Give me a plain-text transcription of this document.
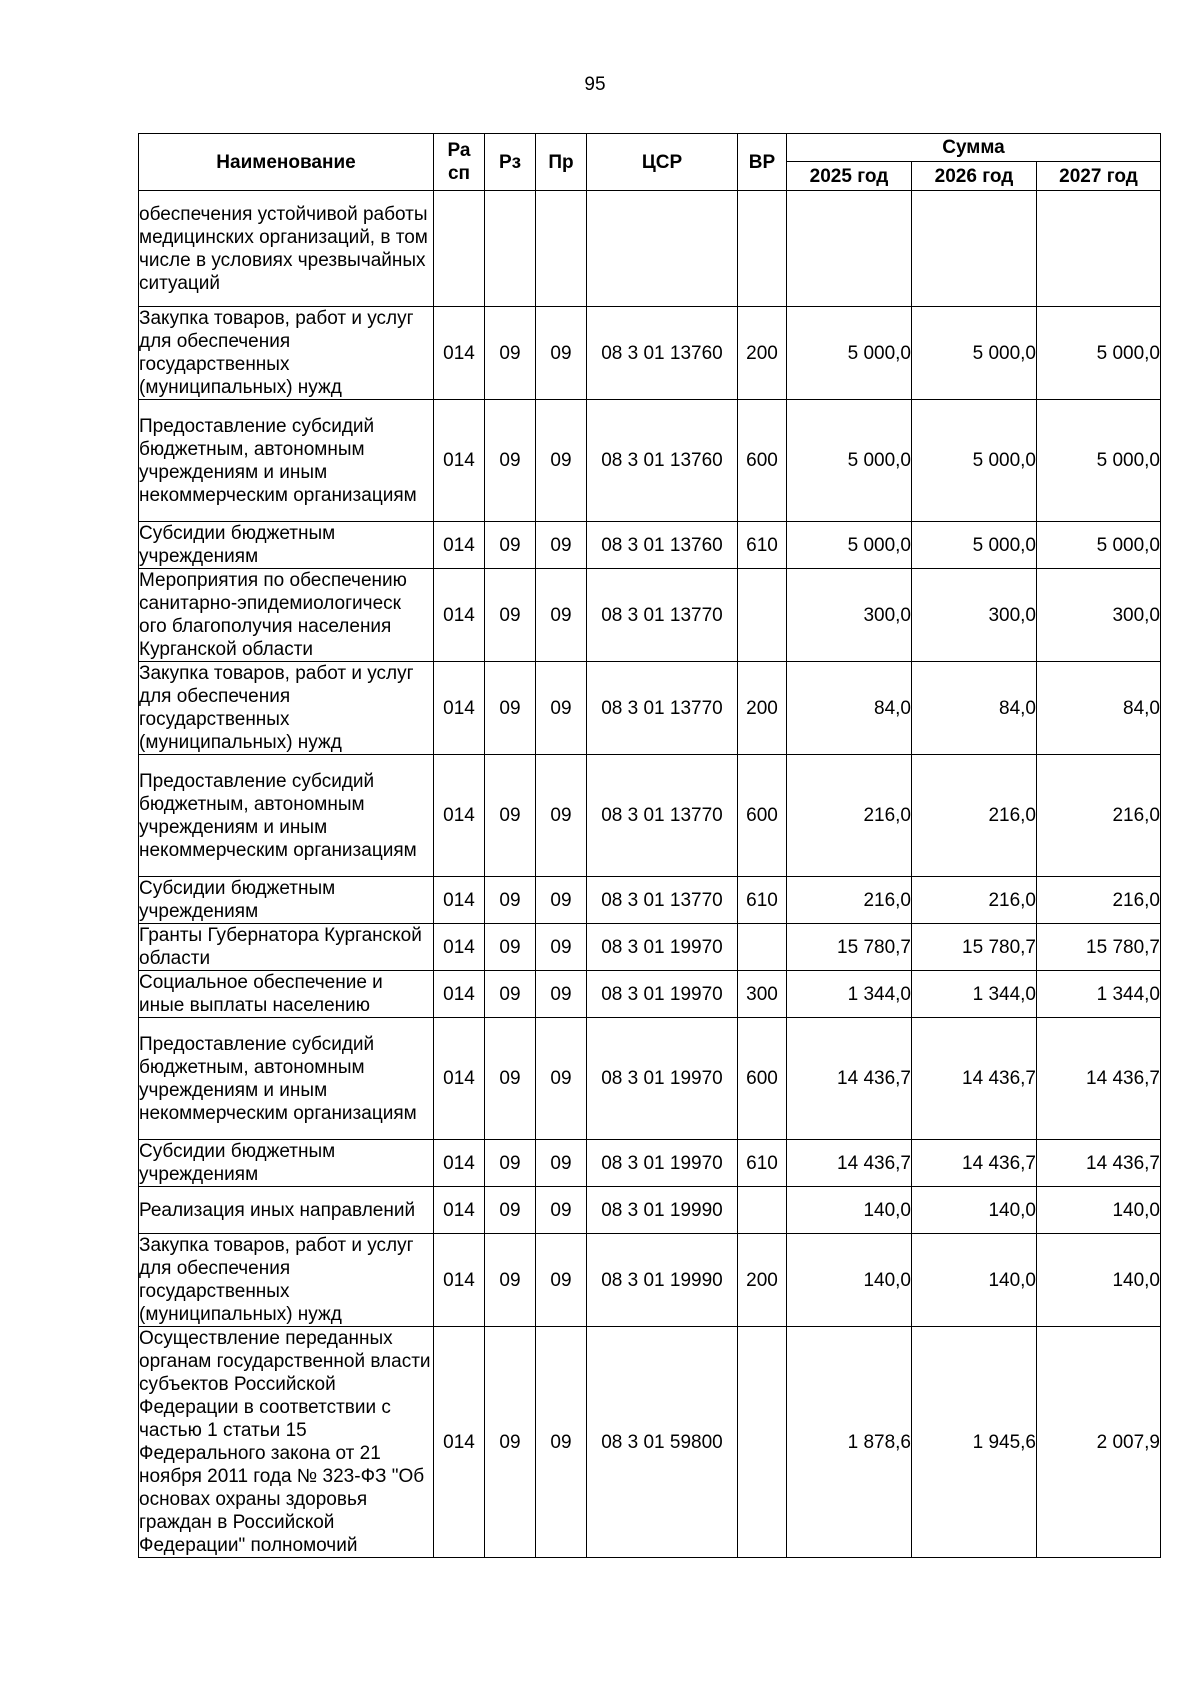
95
Наименование	Ра сп	Рз	Пр	ЦСР	ВР	Сумма		
						2025 год	2026 год	2027 год
обеспечения устойчивой работы медицинских организаций, в том числе в условиях чрезвычайных ситуаций								
Закупка товаров, работ и услуг для обеспечения государственных (муниципальных) нужд	014	09	09	08 3 01 13760	200	5 000,0	5 000,0	5 000,0
Предоставление субсидий бюджетным, автономным учреждениям и иным некоммерческим организациям	014	09	09	08 3 01 13760	600	5 000,0	5 000,0	5 000,0
Субсидии бюджетным учреждениям	014	09	09	08 3 01 13760	610	5 000,0	5 000,0	5 000,0
Мероприятия по обеспечению санитарно-эпидемиологическ ого благополучия населения Курганской области	014	09	09	08 3 01 13770		300,0	300,0	300,0
Закупка товаров, работ и услуг для обеспечения государственных (муниципальных) нужд	014	09	09	08 3 01 13770	200	84,0	84,0	84,0
Предоставление субсидий бюджетным, автономным учреждениям и иным некоммерческим организациям	014	09	09	08 3 01 13770	600	216,0	216,0	216,0
Субсидии бюджетным учреждениям	014	09	09	08 3 01 13770	610	216,0	216,0	216,0
Гранты Губернатора Курганской области	014	09	09	08 3 01 19970		15 780,7	15 780,7	15 780,7
Социальное обеспечение и иные выплаты населению	014	09	09	08 3 01 19970	300	1 344,0	1 344,0	1 344,0
Предоставление субсидий бюджетным, автономным учреждениям и иным некоммерческим организациям	014	09	09	08 3 01 19970	600	14 436,7	14 436,7	14 436,7
Субсидии бюджетным учреждениям	014	09	09	08 3 01 19970	610	14 436,7	14 436,7	14 436,7
Реализация иных направлений	014	09	09	08 3 01 19990		140,0	140,0	140,0
Закупка товаров, работ и услуг для обеспечения государственных (муниципальных) нужд	014	09	09	08 3 01 19990	200	140,0	140,0	140,0
Осуществление переданных органам государственной власти субъектов Российской Федерации в соответствии с частью 1 статьи 15 Федерального закона от 21 ноября 2011 года № 323-ФЗ "Об основах охраны здоровья граждан в Российской Федерации" полномочий	014	09	09	08 3 01 59800		1 878,6	1 945,6	2 007,9
